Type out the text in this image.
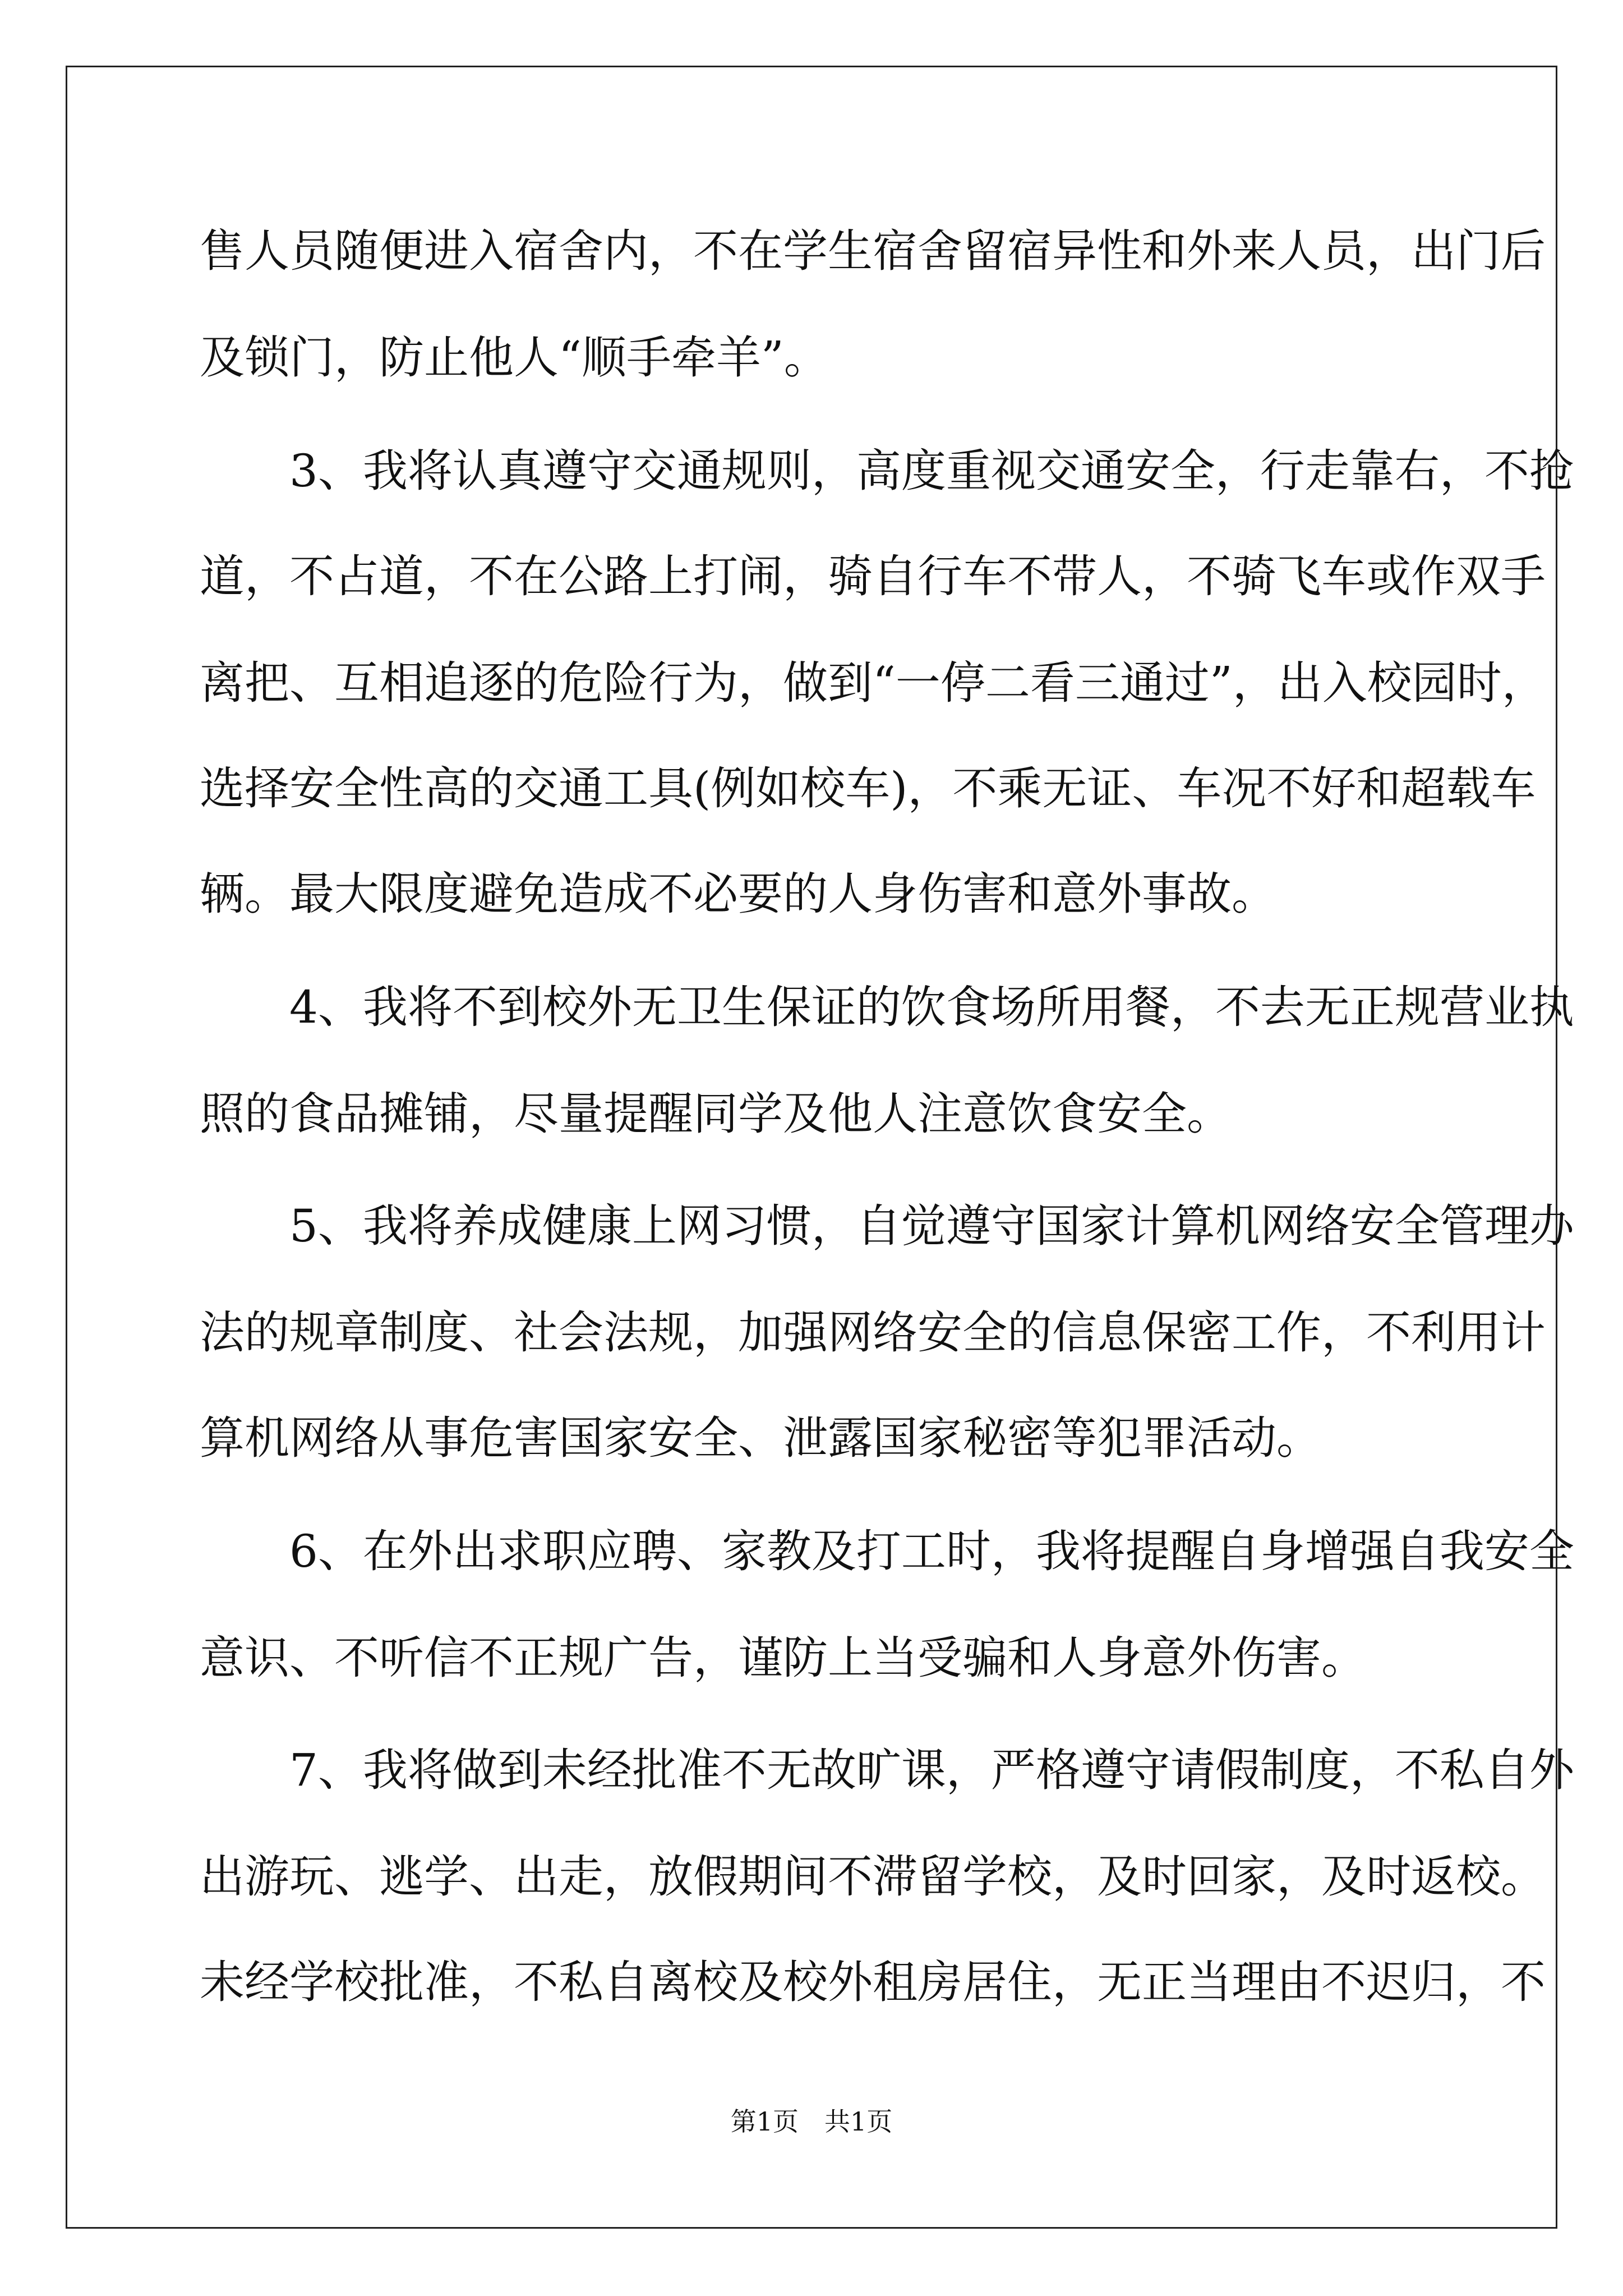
售人员随便进入宿舍内，不在学生宿舍留宿异性和外来人员，出门后

及锁门，防止他人“顺手牵羊”。

　　3、我将认真遵守交通规则，高度重视交通安全，行走靠右，不抢

道，不占道，不在公路上打闹，骑自行车不带人，不骑飞车或作双手

离把、互相追逐的危险行为，做到“一停二看三通过”，出入校园时，

选择安全性高的交通工具(例如校车)，不乘无证、车况不好和超载车

辆。最大限度避免造成不必要的人身伤害和意外事故。

　　4、我将不到校外无卫生保证的饮食场所用餐，不去无正规营业执

照的食品摊铺，尽量提醒同学及他人注意饮食安全。

　　5、我将养成健康上网习惯，自觉遵守国家计算机网络安全管理办

法的规章制度、社会法规，加强网络安全的信息保密工作，不利用计

算机网络从事危害国家安全、泄露国家秘密等犯罪活动。

　　6、在外出求职应聘、家教及打工时，我将提醒自身增强自我安全

意识、不听信不正规广告，谨防上当受骗和人身意外伤害。

　　7、我将做到未经批准不无故旷课，严格遵守请假制度，不私自外

出游玩、逃学、出走，放假期间不滞留学校，及时回家，及时返校。

未经学校批准，不私自离校及校外租房居住，无正当理由不迟归，不

第1页　共1页
